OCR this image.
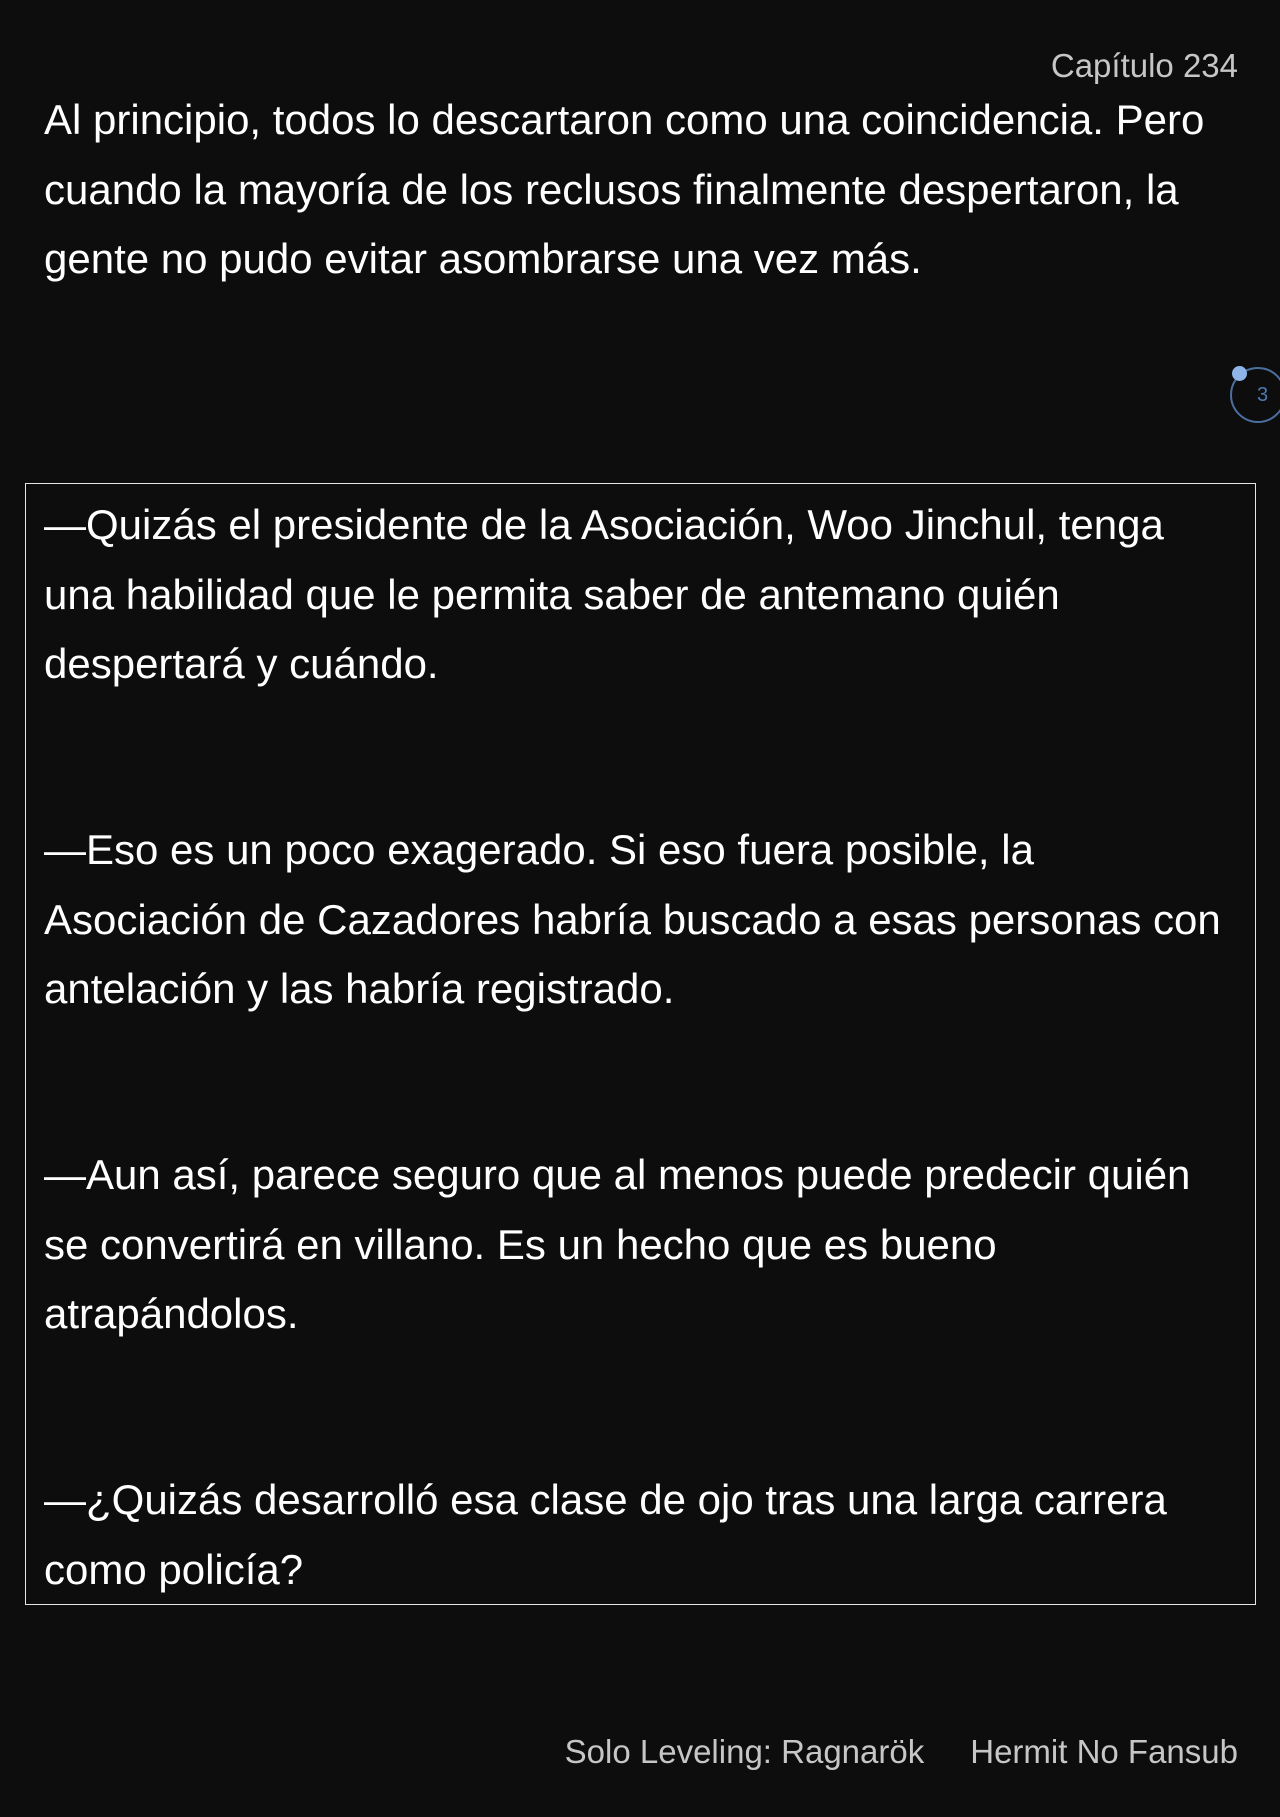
Capítulo 234

Al principio, todos lo descartaron como una coincidencia. Pero cuando la mayoría de los reclusos finalmente despertaron, la gente no pudo evitar asombrarse una vez más.

3

—Quizás el presidente de la Asociación, Woo Jinchul, tenga una habilidad que le permita saber de antemano quién despertará y cuándo.

—Eso es un poco exagerado. Si eso fuera posible, la Asociación de Cazadores habría buscado a esas personas con antelación y las habría registrado.

—Aun así, parece seguro que al menos puede predecir quién se convertirá en villano. Es un hecho que es bueno atrapándolos.

—¿Quizás desarrolló esa clase de ojo tras una larga carrera como policía?

Solo Leveling: Ragnarök Hermit No Fansub
